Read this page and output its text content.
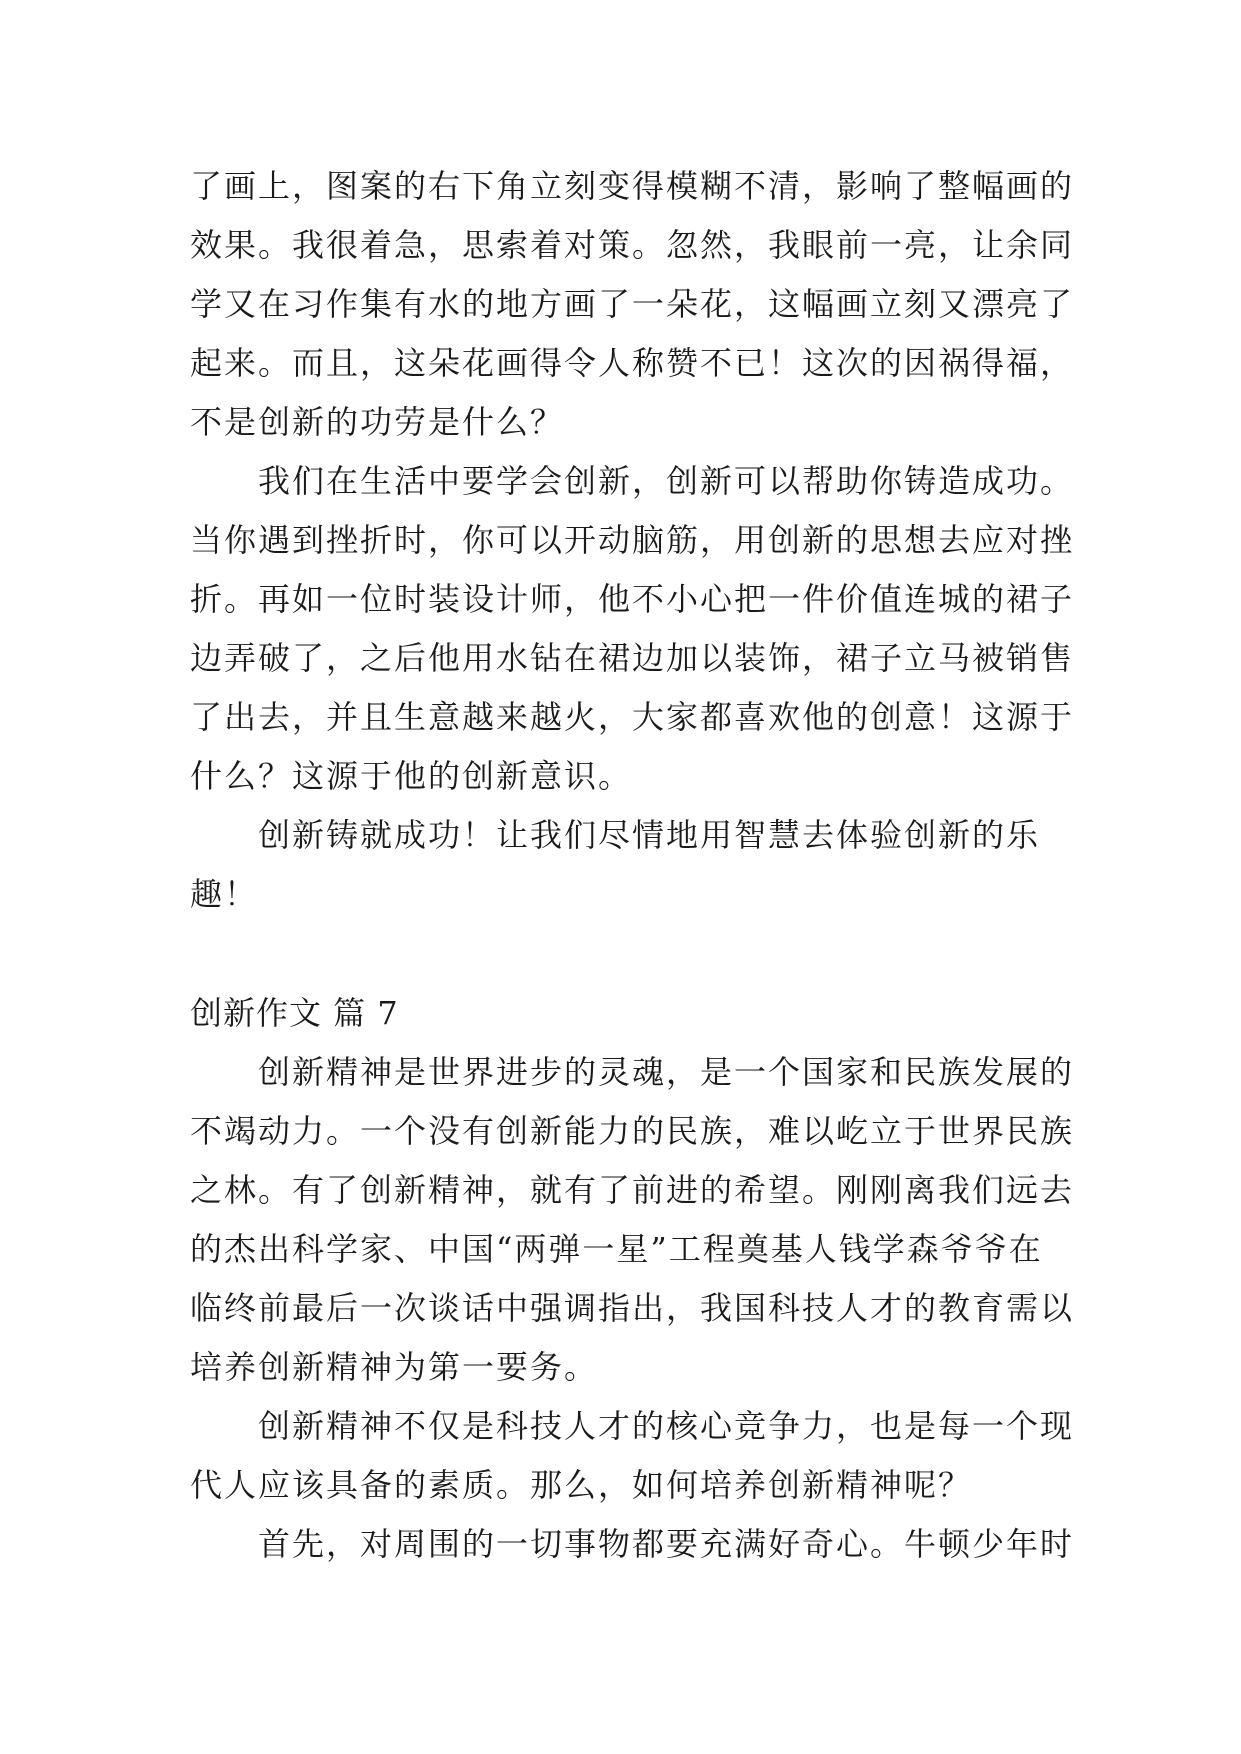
了画上，图案的右下角立刻变得模糊不清，影响了整幅画的
效果。我很着急，思索着对策。忽然，我眼前一亮，让余同
学又在习作集有水的地方画了一朵花，这幅画立刻又漂亮了
起来。而且，这朵花画得令人称赞不已！这次的因祸得福，
不是创新的功劳是什么？
我们在生活中要学会创新，创新可以帮助你铸造成功。
当你遇到挫折时，你可以开动脑筋，用创新的思想去应对挫
折。再如一位时装设计师，他不小心把一件价值连城的裙子
边弄破了，之后他用水钻在裙边加以装饰，裙子立马被销售
了出去，并且生意越来越火，大家都喜欢他的创意！这源于
什么？这源于他的创新意识。
创新铸就成功！让我们尽情地用智慧去体验创新的乐
趣！
创新作文 篇 7
创新精神是世界进步的灵魂，是一个国家和民族发展的
不竭动力。一个没有创新能力的民族，难以屹立于世界民族
之林。有了创新精神，就有了前进的希望。刚刚离我们远去
的杰出科学家、中国“两弹一星”工程奠基人钱学森爷爷在
临终前最后一次谈话中强调指出，我国科技人才的教育需以
培养创新精神为第一要务。
创新精神不仅是科技人才的核心竞争力，也是每一个现
代人应该具备的素质。那么，如何培养创新精神呢？
首先，对周围的一切事物都要充满好奇心。牛顿少年时
